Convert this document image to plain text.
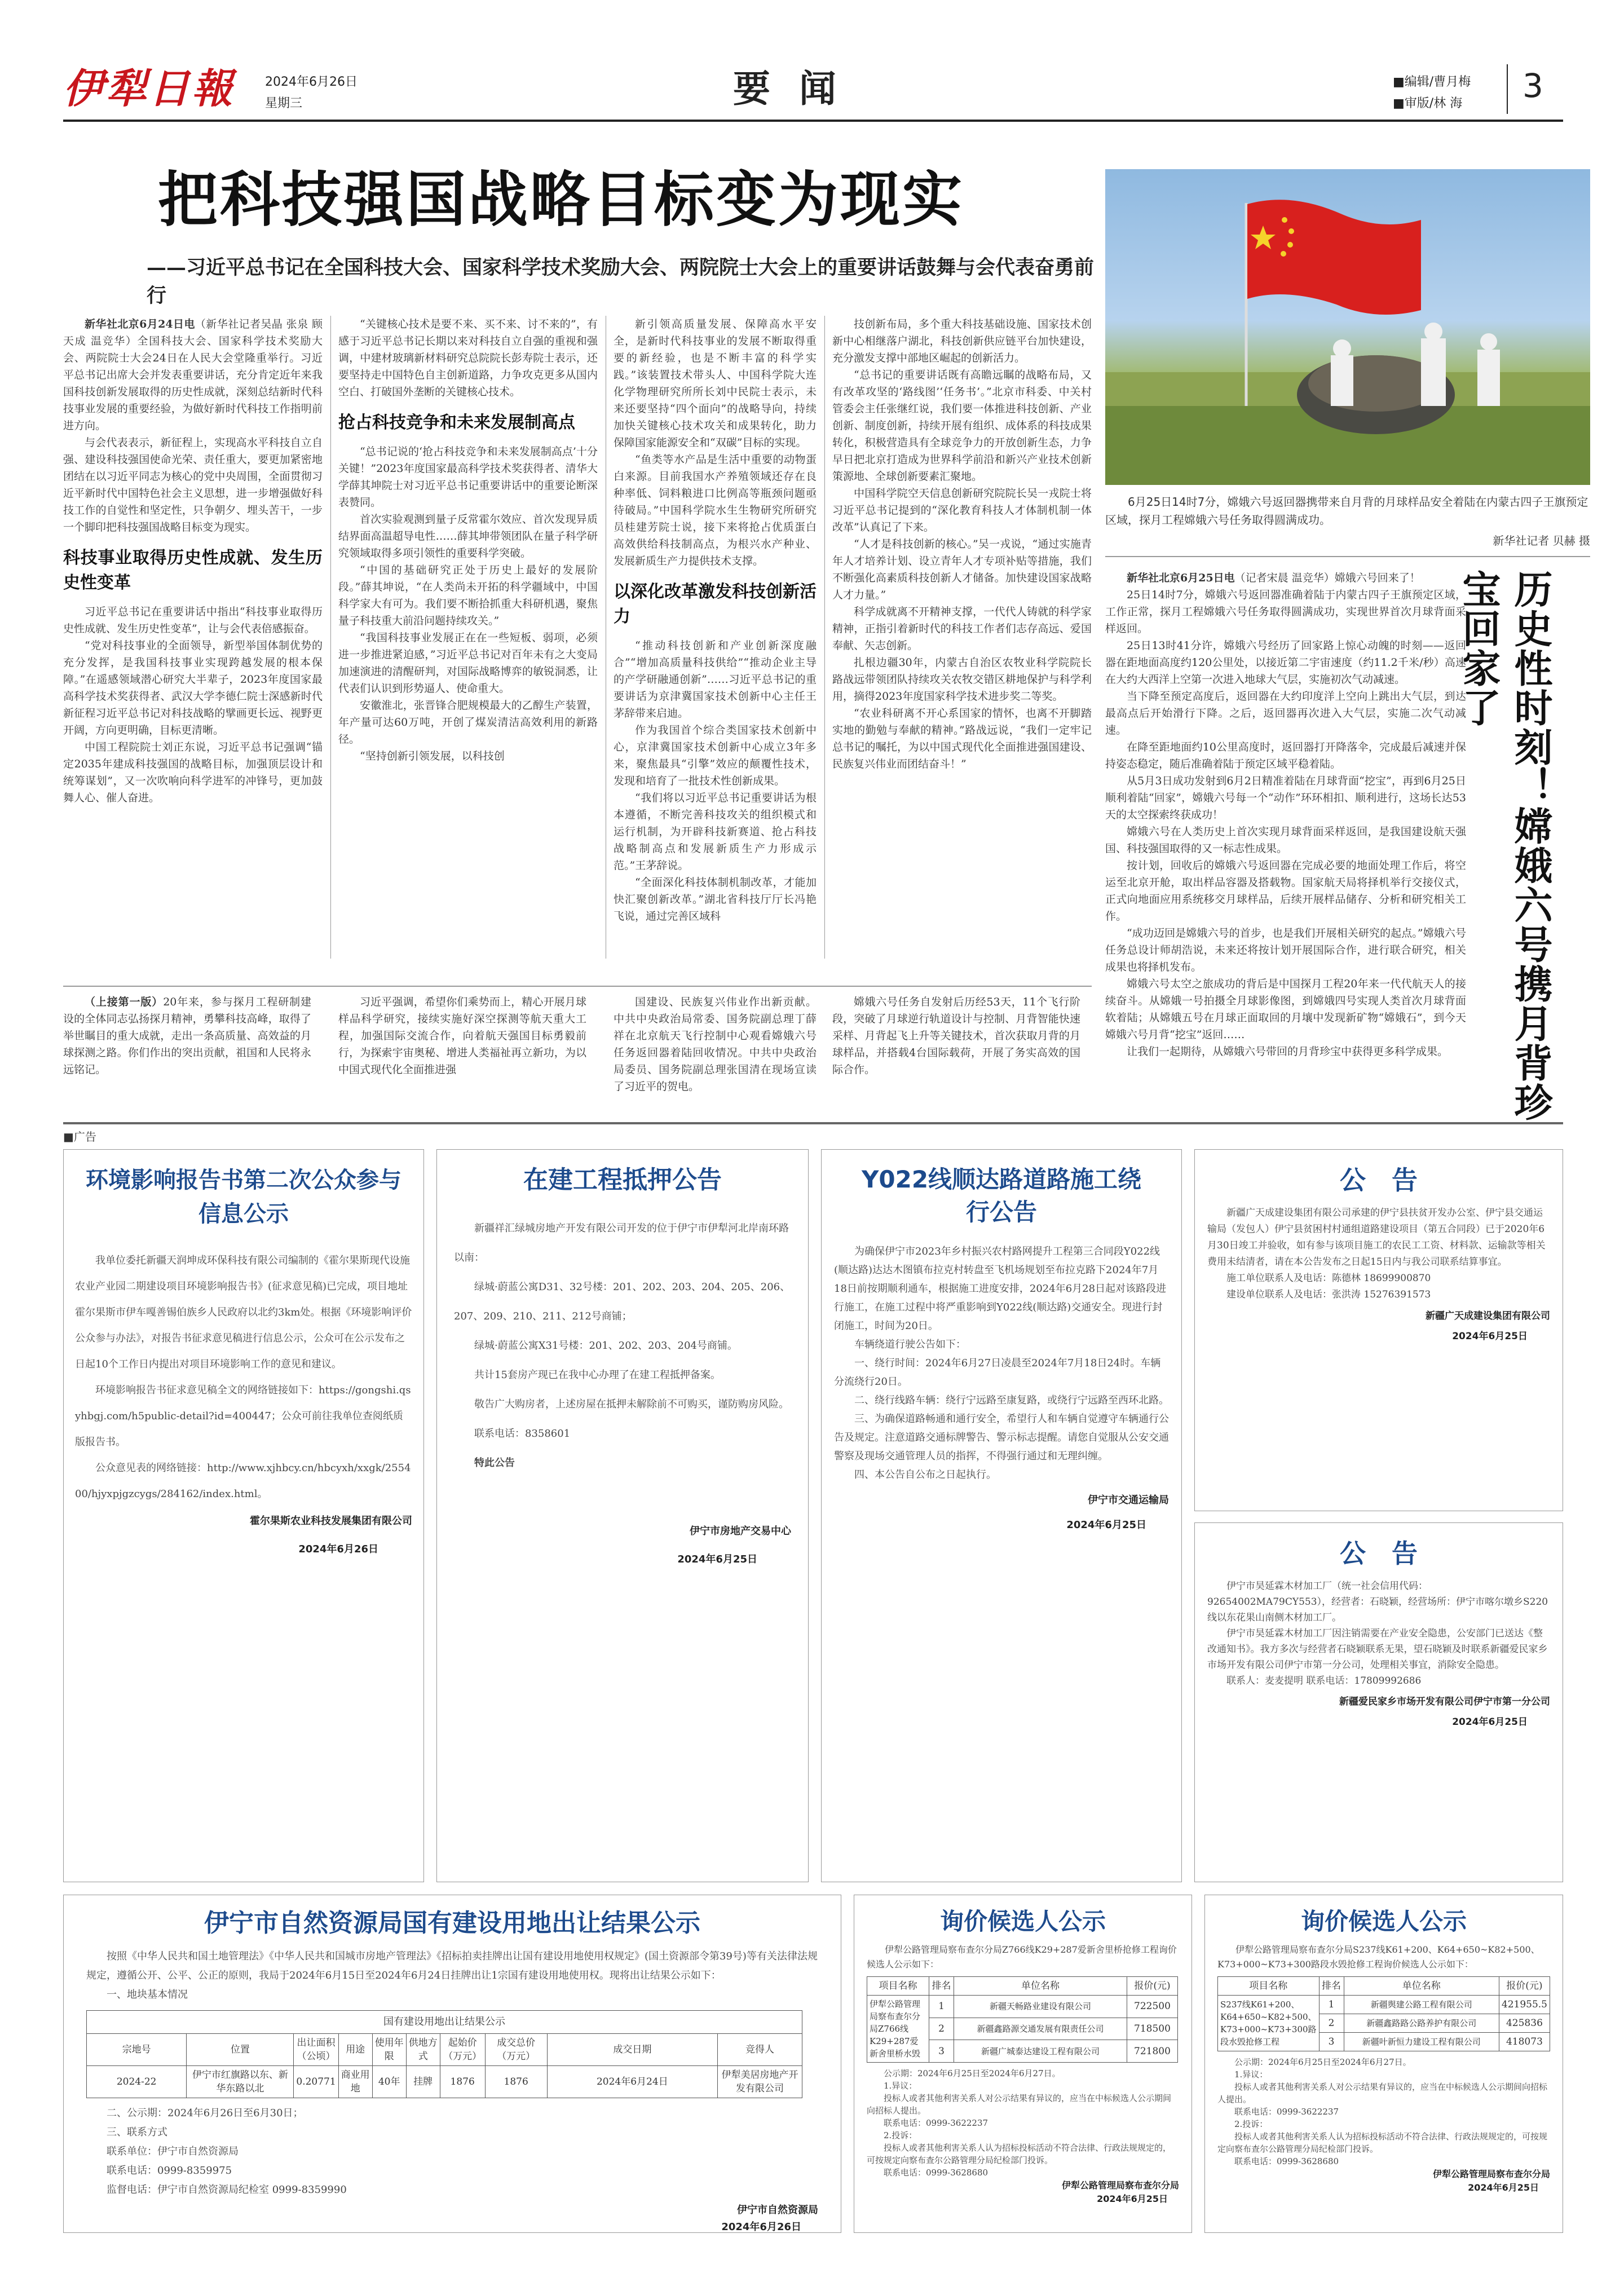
伊犁日報 2024年6月26日
星期三	要 闻	■编辑/曹月梅
■审版/林 海 3
把科技强国战略目标变为现实
——习近平总书记在全国科技大会、国家科学技术奖励大会、两院院士大会上的重要讲话鼓舞与会代表奋勇前行
6月25日14时7分，嫦娥六号返回器携带来自月背的月球样品安全着陆在内蒙古四子王旗预定区域，探月工程嫦娥六号任务取得圆满成功。
新华社记者 贝赫 摄

新华社北京6月24日电（新华社记者吴晶 张泉 顾天成 温竞华）全国科技大会、国家科学技术奖励大会、两院院士大会24日在人民大会堂隆重举行。习近平总书记出席大会并发表重要讲话，充分肯定近年来我国科技创新发展取得的历史性成就，深刻总结新时代科技事业发展的重要经验，为做好新时代科技工作指明前进方向。

与会代表表示，新征程上，实现高水平科技自立自强、建设科技强国使命光荣、责任重大，要更加紧密地团结在以习近平同志为核心的党中央周围，全面贯彻习近平新时代中国特色社会主义思想，进一步增强做好科技工作的自觉性和坚定性，只争朝夕、埋头苦干，一步一个脚印把科技强国战略目标变为现实。

科技事业取得历史性成就、发生历史性变革

习近平总书记在重要讲话中指出“科技事业取得历史性成就、发生历史性变革”，让与会代表倍感振奋。

“党对科技事业的全面领导，新型举国体制优势的充分发挥，是我国科技事业实现跨越发展的根本保障。”在遥感领域潜心研究大半辈子，2023年度国家最高科学技术奖获得者、武汉大学李德仁院士深感新时代新征程习近平总书记对科技战略的擘画更长远、视野更开阔，方向更明确，目标更清晰。

中国工程院院士刘正东说，习近平总书记强调“锚定2035年建成科技强国的战略目标，加强顶层设计和统筹谋划”，又一次吹响向科学进军的冲锋号，更加鼓舞人心、催人奋进。

“关键核心技术是要不来、买不来、讨不来的”，有感于习近平总书记长期以来对科技自立自强的重视和强调，中建材玻璃新材料研究总院院长彭寿院士表示，还要坚持走中国特色自主创新道路，力争攻克更多从国内空白、打破国外垄断的关键核心技术。

抢占科技竞争和未来发展制高点

“总书记说的‘抢占科技竞争和未来发展制高点’十分关键！”2023年度国家最高科学技术奖获得者、清华大学薛其坤院士对习近平总书记重要讲话中的重要论断深表赞同。

首次实验观测到量子反常霍尔效应、首次发现异质结界面高温超导电性……薛其坤带领团队在量子科学研究领域取得多项引领性的重要科学突破。

“中国的基础研究正处于历史上最好的发展阶段。”薛其坤说，“在人类尚未开拓的科学疆域中，中国科学家大有可为。我们要不断拾抓重大科研机遇，聚焦量子科技重大前沿问题持续攻关。”

“我国科技事业发展正在在一些短板、弱项，必须进一步推进紧迫感，”习近平总书记对百年未有之大变局加速演进的清醒研判，对国际战略博弈的敏锐洞悉，让代表们认识到形势逼人、使命重大。

安徽淮北，张晋锋合肥规模最大的乙醇生产装置，年产量可达60万吨，开创了煤炭清洁高效利用的新路径。

“坚持创新引领发展，以科技创

新引领高质量发展、保障高水平安全，是新时代科技事业的发展不断取得重要的新经验，也是不断丰富的科学实践。”该装置技术带头人、中国科学院大连化学物理研究所所长刘中民院士表示，未来还要坚持“四个面向”的战略导向，持续加快关键核心技术攻关和成果转化，助力保障国家能源安全和“双碳”目标的实现。

“鱼类等水产品是生活中重要的动物蛋白来源。目前我国水产养殖领域还存在良种率低、饲料粮进口比例高等瓶颈问题亟待破局。”中国科学院水生生物研究所研究员桂建芳院士说，接下来将抢占优质蛋白高效供给科技制高点，为根兴水产种业、发展新质生产力提供技术支撑。

以深化改革激发科技创新活力

“推动科技创新和产业创新深度融合”“增加高质量科技供给”“推动企业主导的产学研融通创新”……习近平总书记的重要讲话为京津冀国家技术创新中心主任王茅辞带来启迪。

作为我国首个综合类国家技术创新中心，京津冀国家技术创新中心成立3年多来，聚焦最具“引擎”效应的颠覆性技术，发现和培育了一批技术性创新成果。

“我们将以习近平总书记重要讲话为根本遵循，不断完善科技攻关的组织模式和运行机制，为开辟科技新赛道、抢占科技战略制高点和发展新质生产力形成示范。”王茅辞说。

“全面深化科技体制机制改革，才能加快汇聚创新改革。”湖北省科技厅厅长冯艳飞说，通过完善区域科

技创新布局，多个重大科技基础设施、国家技术创新中心相继落户湖北，科技创新供应链平台加快建设，充分激发支撑中部地区崛起的创新活力。

“总书记的重要讲话既有高瞻远瞩的战略布局，又有改革攻坚的‘路线图’‘任务书’。”北京市科委、中关村管委会主任张继红说，我们要一体推进科技创新、产业创新、制度创新，持续开展有组织、成体系的科技成果转化，积极营造具有全球竞争力的开放创新生态，力争早日把北京打造成为世界科学前沿和新兴产业技术创新策源地、全球创新要素汇聚地。

中国科学院空天信息创新研究院院长吴一戎院士将习近平总书记提到的“深化教育科技人才体制机制一体改革”认真记了下来。

“人才是科技创新的核心。”吴一戎说，“通过实施青年人才培养计划、设立青年人才专项补贴等措施，我们不断强化高素质科技创新人才储备。加快建设国家战略人才力量。”

科学成就离不开精神支撑，一代代人铸就的科学家精神，正指引着新时代的科技工作者们志存高远、爱国奉献、矢志创新。

扎根边疆30年，内蒙古自治区农牧业科学院院长路战远带领团队持续攻关农牧交错区耕地保护与科学利用，摘得2023年度国家科学技术进步奖二等奖。

“农业科研离不开心系国家的情怀，也离不开脚踏实地的勤勉与奉献的精神。”路战远说，“我们一定牢记总书记的嘱托，为以中国式现代化全面推进强国建设、民族复兴伟业而团结奋斗！”

（上接第一版）20年来，参与探月工程研制建设的全体同志弘扬探月精神，勇攀科技高峰，取得了举世瞩目的重大成就，走出一条高质量、高效益的月球探测之路。你们作出的突出贡献，祖国和人民将永远铭记。

习近平强调，希望你们乘势而上，精心开展月球样品科学研究，接续实施好深空探测等航天重大工程，加强国际交流合作，向着航天强国目标勇毅前行，为探索宇宙奥秘、增进人类福祉再立新功，为以中国式现代化全面推进强

国建设、民族复兴伟业作出新贡献。中共中央政治局常委、国务院副总理丁薛祥在北京航天飞行控制中心观看嫦娥六号任务返回器着陆回收情况。中共中央政治局委员、国务院副总理张国清在现场宣读了习近平的贺电。

嫦娥六号任务自发射后历经53天，11个飞行阶段，突破了月球逆行轨道设计与控制、月背智能快速采样、月背起飞上升等关键技术，首次获取月背的月球样品，并搭载4台国际载荷，开展了务实高效的国际合作。

新华社北京6月25日电（记者宋晨 温竞华）嫦娥六号回来了！

25日14时7分，嫦娥六号返回器准确着陆于内蒙古四子王旗预定区域，工作正常，探月工程嫦娥六号任务取得圆满成功，实现世界首次月球背面采样返回。

25日13时41分许，嫦娥六号经历了回家路上惊心动魄的时刻——返回器在距地面高度约120公里处，以接近第二宇宙速度（约11.2千米/秒）高速在大约大西洋上空第一次进入地球大气层，实施初次气动减速。

当下降至预定高度后，返回器在大约印度洋上空向上跳出大气层，到达最高点后开始滑行下降。之后，返回器再次进入大气层，实施二次气动减速。

在降至距地面约10公里高度时，返回器打开降落伞，完成最后减速并保持姿态稳定，随后准确着陆于预定区域平稳着陆。

从5月3日成功发射到6月2日精准着陆在月球背面“挖宝”，再到6月25日顺利着陆“回家”，嫦娥六号每一个“动作”环环相扣、顺利进行，这场长达53天的太空探索终获成功！

嫦娥六号在人类历史上首次实现月球背面采样返回，是我国建设航天强国、科技强国取得的又一标志性成果。

按计划，回收后的嫦娥六号返回器在完成必要的地面处理工作后，将空运至北京开舱，取出样品容器及搭载物。国家航天局将择机举行交接仪式，正式向地面应用系统移交月球样品，后续开展样品储存、分析和研究相关工作。

“成功迈回是嫦娥六号的首步，也是我们开展相关研究的起点。”嫦娥六号任务总设计师胡浩说，未来还将按计划开展国际合作，进行联合研究，相关成果也将择机发布。

嫦娥六号太空之旅成功的背后是中国探月工程20年来一代代航天人的接续奋斗。从嫦娥一号拍摄全月球影像图，到嫦娥四号实现人类首次月球背面软着陆；从嫦娥五号在月球正面取回的月壤中发现新矿物“嫦娥石”，到今天嫦娥六号月背“挖宝”返回……

让我们一起期待，从嫦娥六号带回的月背珍宝中获得更多科学成果。	历史性时刻！嫦娥六号携月背珍宝回家了
■广告
环境影响报告书第二次公众参与信息公示

我单位委托新疆天润坤成环保科技有限公司编制的《霍尔果斯现代设施农业产业园二期建设项目环境影响报告书》(征求意见稿)已完成，项目地址霍尔果斯市伊车嘎善锡伯族乡人民政府以北约3km处。根据《环境影响评价公众参与办法》，对报告书征求意见稿进行信息公示，公众可在公示发布之日起10个工作日内提出对项目环境影响工作的意见和建议。

环境影响报告书征求意见稿全文的网络链接如下：https://gongshi.qsyhbgj.com/h5public-detail?id=400447；公众可前往我单位查阅纸质版报告书。

公众意见表的网络链接：http://www.xjhbcy.cn/hbcyxh/xxgk/255400/hjyxpjgzcygs/284162/index.html。

霍尔果斯农业科技发展集团有限公司

2024年6月26日

在建工程抵押公告

新疆祥汇绿城房地产开发有限公司开发的位于伊宁市伊犁河北岸南环路以南：

绿城·蔚蓝公寓D31、32号楼：201、202、203、204、205、206、207、209、210、211、212号商铺；

绿城·蔚蓝公寓X31号楼：201、202、203、204号商铺。

共计15套房产现已在我中心办理了在建工程抵押备案。

敬告广大购房者，上述房屋在抵押未解除前不可购买，谨防购房风险。

联系电话：8358601

特此公告

伊宁市房地产交易中心

2024年6月25日

Y022线顺达路道路施工绕行公告

为确保伊宁市2023年乡村振兴农村路网提升工程第三合同段Y022线(顺达路)达达木图镇布拉克村转盘至飞机场规划至布拉克路下2024年7月18日前按期顺利通车，根据施工进度安排，2024年6月28日起对该路段进行施工，在施工过程中将严重影响到Y022线(顺达路)交通安全。现进行封闭施工，时间为20日。

车辆绕道行驶公告如下：

一、绕行时间：2024年6月27日凌晨至2024年7月18日24时。车辆分流绕行20日。

二、绕行线路车辆：绕行宁远路至康复路，或绕行宁远路至西环北路。

三、为确保道路畅通和通行安全，希望行人和车辆自觉遵守车辆通行公告及规定。注意道路交通标牌警告、警示标志提醒。请您自觉服从公安交通警察及现场交通管理人员的指挥，不得强行通过和无理纠缠。

四、本公告自公布之日起执行。

伊宁市交通运输局

2024年6月25日

公　告

新疆广天成建设集团有限公司承建的伊宁县扶贫开发办公室、伊宁县交通运输局（发包人）伊宁县贫困村村通组道路建设项目（第五合同段）已于2020年6月30日竣工并验收，如有参与该项目施工的农民工工资、材料款、运输款等相关费用未结清者，请在本公告发布之日起15日内与我公司联系结算事宜。

施工单位联系人及电话：陈德林 18699900870

建设单位联系人及电话：张洪涛 15276391573

新疆广天成建设集团有限公司

2024年6月25日

公　告

伊宁市昊延霖木材加工厂（统一社会信用代码：92654002MA79CY553），经营者：石晓颖，经营场所：伊宁市喀尔墩乡S220线以东花果山南侧木材加工厂。

伊宁市昊延霖木材加工厂因注销需要在产业安全隐患，公安部门已送达《整改通知书》。我方多次与经营者石晓颖联系无果，望石晓颖及时联系新疆爱民家乡市场开发有限公司伊宁市第一分公司，处理相关事宜，消除安全隐患。

联系人：麦麦提明 联系电话：17809992686

新疆爱民家乡市场开发有限公司伊宁市第一分公司

2024年6月25日

伊宁市自然资源局国有建设用地出让结果公示

按照《中华人民共和国土地管理法》《中华人民共和国城市房地产管理法》《招标拍卖挂牌出让国有建设用地使用权规定》(国土资源部令第39号)等有关法律法规规定，遵循公开、公平、公正的原则，我局于2024年6月15日至2024年6月24日挂牌出让1宗国有建设用地使用权。现将出让结果公示如下：

一、地块基本情况

国有建设用地出让结果公示									
宗地号	位置	出让面积（公顷）	用途	使用年限	供地方式	起始价（万元）	成交总价（万元）	成交日期	竞得人
2024-22	伊宁市红旗路以东、新华东路以北	0.20771	商业用地	40年	挂牌	1876	1876	2024年6月24日	伊犁美居房地产开发有限公司

二、公示期：2024年6月26日至6月30日；

三、联系方式

联系单位：伊宁市自然资源局

联系电话：0999-8359975

监督电话：伊宁市自然资源局纪检室 0999-8359990

伊宁市自然资源局

2024年6月26日

询价候选人公示

伊犁公路管理局察布查尔分局Z766线K29+287爱新舍里桥抢修工程询价候选人公示如下：

项目名称	排名	单位名称	报价(元)
伊犁公路管理局察布查尔分局Z766线K29+287爱新舍里桥水毁	1	新疆天畅路业建设有限公司	722500
	2	新疆鑫路源交通发展有限责任公司	718500
	3	新疆广城泰达建设工程有限公司	721800

公示期：2024年6月25日至2024年6月27日。

1.异议：

投标人或者其他利害关系人对公示结果有异议的，应当在中标候选人公示期间向招标人提出。

联系电话：0999-3622237

2.投诉：

投标人或者其他利害关系人认为招标投标活动不符合法律、行政法规规定的，可按规定向察布查尔公路管理分局纪检部门投诉。

联系电话：0999-3628680

伊犁公路管理局察布查尔分局

2024年6月25日

询价候选人公示

伊犁公路管理局察布查尔分局S237线K61+200、K64+650~K82+500、K73+000~K73+300路段水毁抢修工程询价候选人公示如下：

项目名称	排名	单位名称	报价(元)
S237线K61+200、K64+650~K82+500、K73+000~K73+300路段水毁抢修工程	1	新疆舆建公路工程有限公司	421955.5
	2	新疆鑫路路公路养护有限公司	425836
	3	新疆叶新恒力建设工程有限公司	418073

公示期：2024年6月25日至2024年6月27日。

1.异议：

投标人或者其他利害关系人对公示结果有异议的，应当在中标候选人公示期间向招标人提出。

联系电话：0999-3622237

2.投诉：

投标人或者其他利害关系人认为招标投标活动不符合法律、行政法规规定的，可按规定向察布查尔公路管理分局纪检部门投诉。

联系电话：0999-3628680

伊犁公路管理局察布查尔分局

2024年6月25日
